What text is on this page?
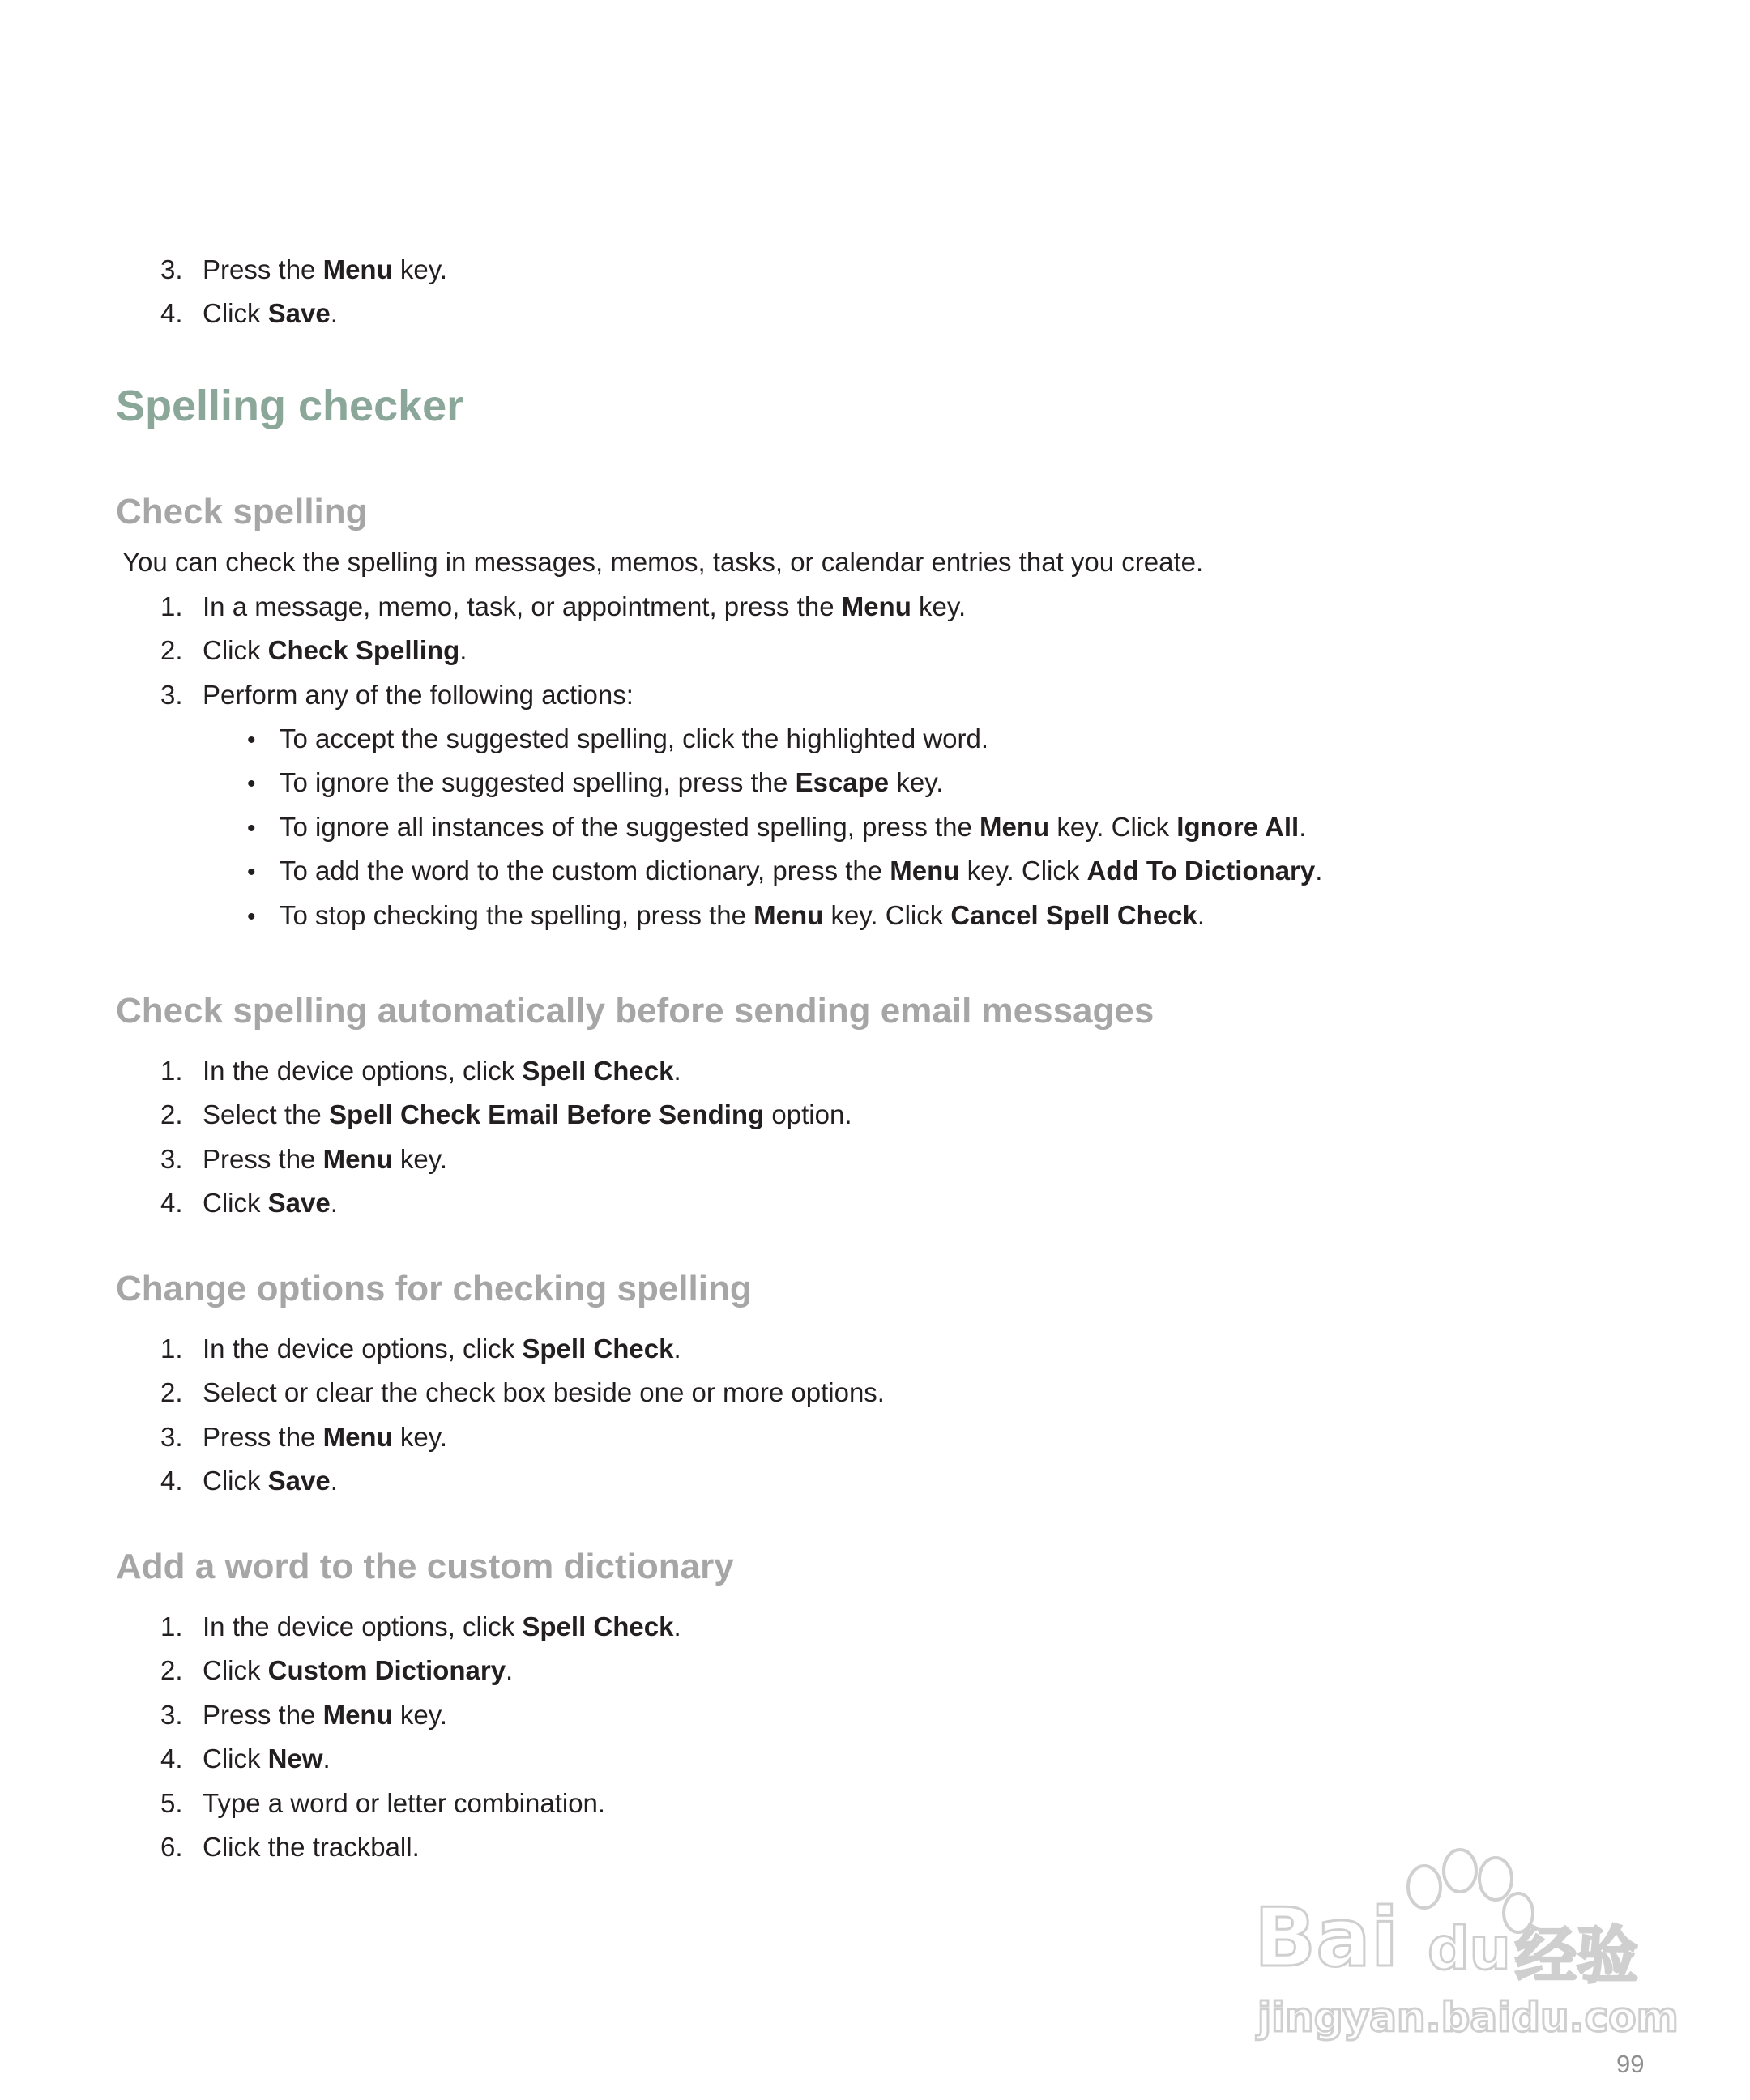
3. Press the Menu key.
4. Click Save.
Spelling checker
Check spelling
You can check the spelling in messages, memos, tasks, or calendar entries that you create.
1. In a message, memo, task, or appointment, press the Menu key.
2. Click Check Spelling.
3. Perform any of the following actions:
• To accept the suggested spelling, click the highlighted word.
• To ignore the suggested spelling, press the Escape key.
• To ignore all instances of the suggested spelling, press the Menu key. Click Ignore All.
• To add the word to the custom dictionary, press the Menu key. Click Add To Dictionary.
• To stop checking the spelling, press the Menu key. Click Cancel Spell Check.
Check spelling automatically before sending email messages
1. In the device options, click Spell Check.
2. Select the Spell Check Email Before Sending option.
3. Press the Menu key.
4. Click Save.
Change options for checking spelling
1. In the device options, click Spell Check.
2. Select or clear the check box beside one or more options.
3. Press the Menu key.
4. Click Save.
Add a word to the custom dictionary
1. In the device options, click Spell Check.
2. Click Custom Dictionary.
3. Press the Menu key.
4. Click New.
5. Type a word or letter combination.
6. Click the trackball.
Bai du 经验
jingyan.baidu.com
99
